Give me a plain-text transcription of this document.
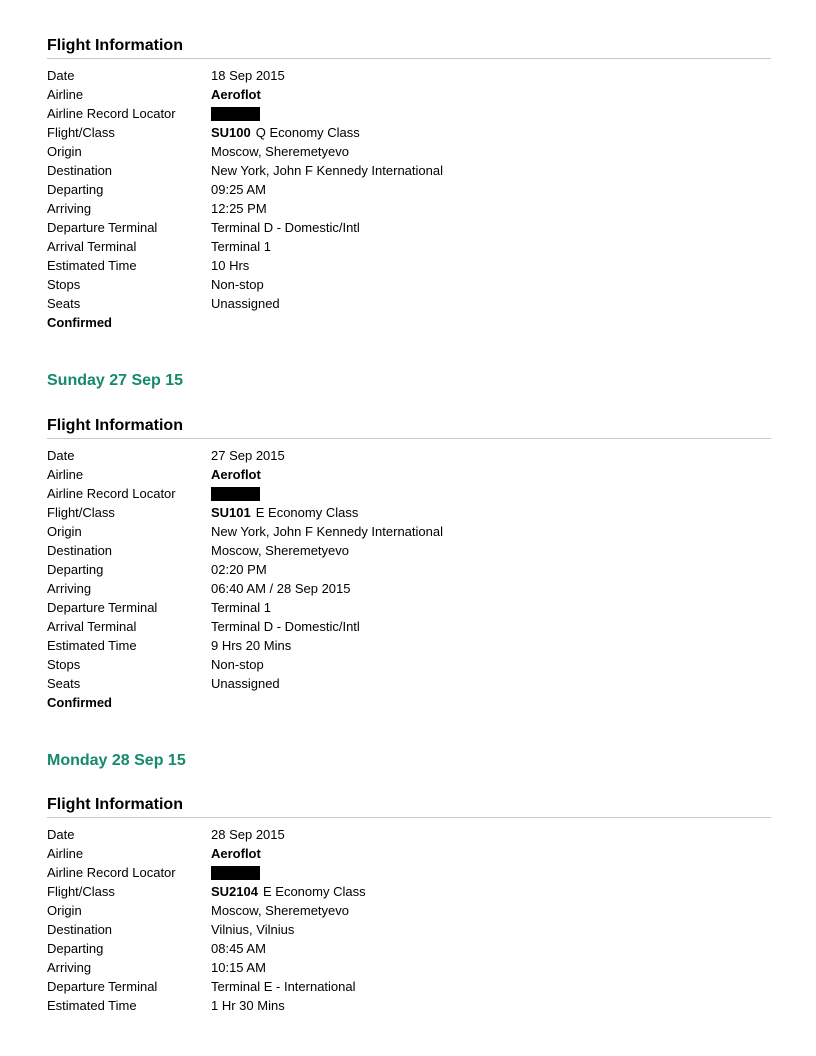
Flight Information
Date	18 Sep 2015
Airline	Aeroflot
Airline Record Locator
Flight/Class	SU100 Q Economy Class
Origin	Moscow, Sheremetyevo
Destination	New York, John F Kennedy International
Departing	09:25 AM
Arriving	12:25 PM
Departure Terminal	Terminal D - Domestic/Intl
Arrival Terminal	Terminal 1
Estimated Time	10 Hrs
Stops	Non-stop
Seats	Unassigned
Confirmed
Sunday 27 Sep 15
Flight Information
Date	27 Sep 2015
Airline	Aeroflot
Airline Record Locator
Flight/Class	SU101 E Economy Class
Origin	New York, John F Kennedy International
Destination	Moscow, Sheremetyevo
Departing	02:20 PM
Arriving	06:40 AM / 28 Sep 2015
Departure Terminal	Terminal 1
Arrival Terminal	Terminal D - Domestic/Intl
Estimated Time	9 Hrs 20 Mins
Stops	Non-stop
Seats	Unassigned
Confirmed
Monday 28 Sep 15
Flight Information
Date	28 Sep 2015
Airline	Aeroflot
Airline Record Locator
Flight/Class	SU2104 E Economy Class
Origin	Moscow, Sheremetyevo
Destination	Vilnius, Vilnius
Departing	08:45 AM
Arriving	10:15 AM
Departure Terminal	Terminal E - International
Estimated Time	1 Hr 30 Mins
